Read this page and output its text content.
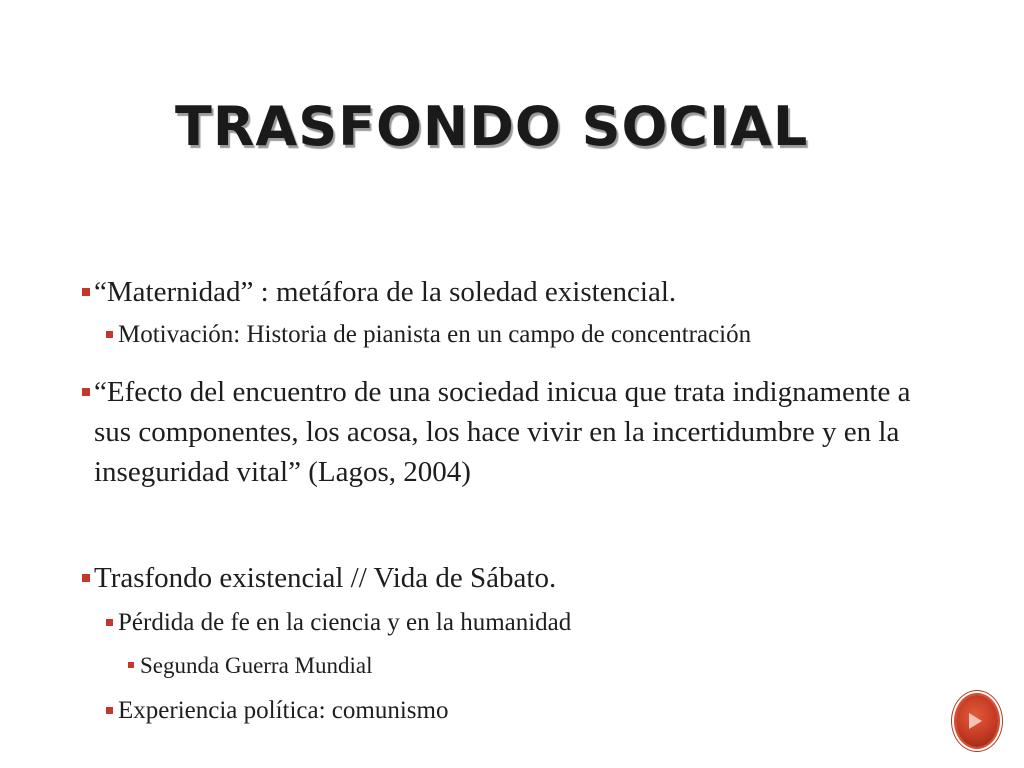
TRASFONDO SOCIAL
“Maternidad” : metáfora de la soledad existencial.
Motivación: Historia de pianista en un campo de concentración
“Efecto del encuentro de una sociedad inicua que trata indignamente a sus componentes, los acosa, los hace vivir en la incertidumbre y en la inseguridad vital” (Lagos, 2004)
Trasfondo existencial // Vida de Sábato.
Pérdida de fe en la ciencia y en la humanidad
Segunda Guerra Mundial
Experiencia política: comunismo
